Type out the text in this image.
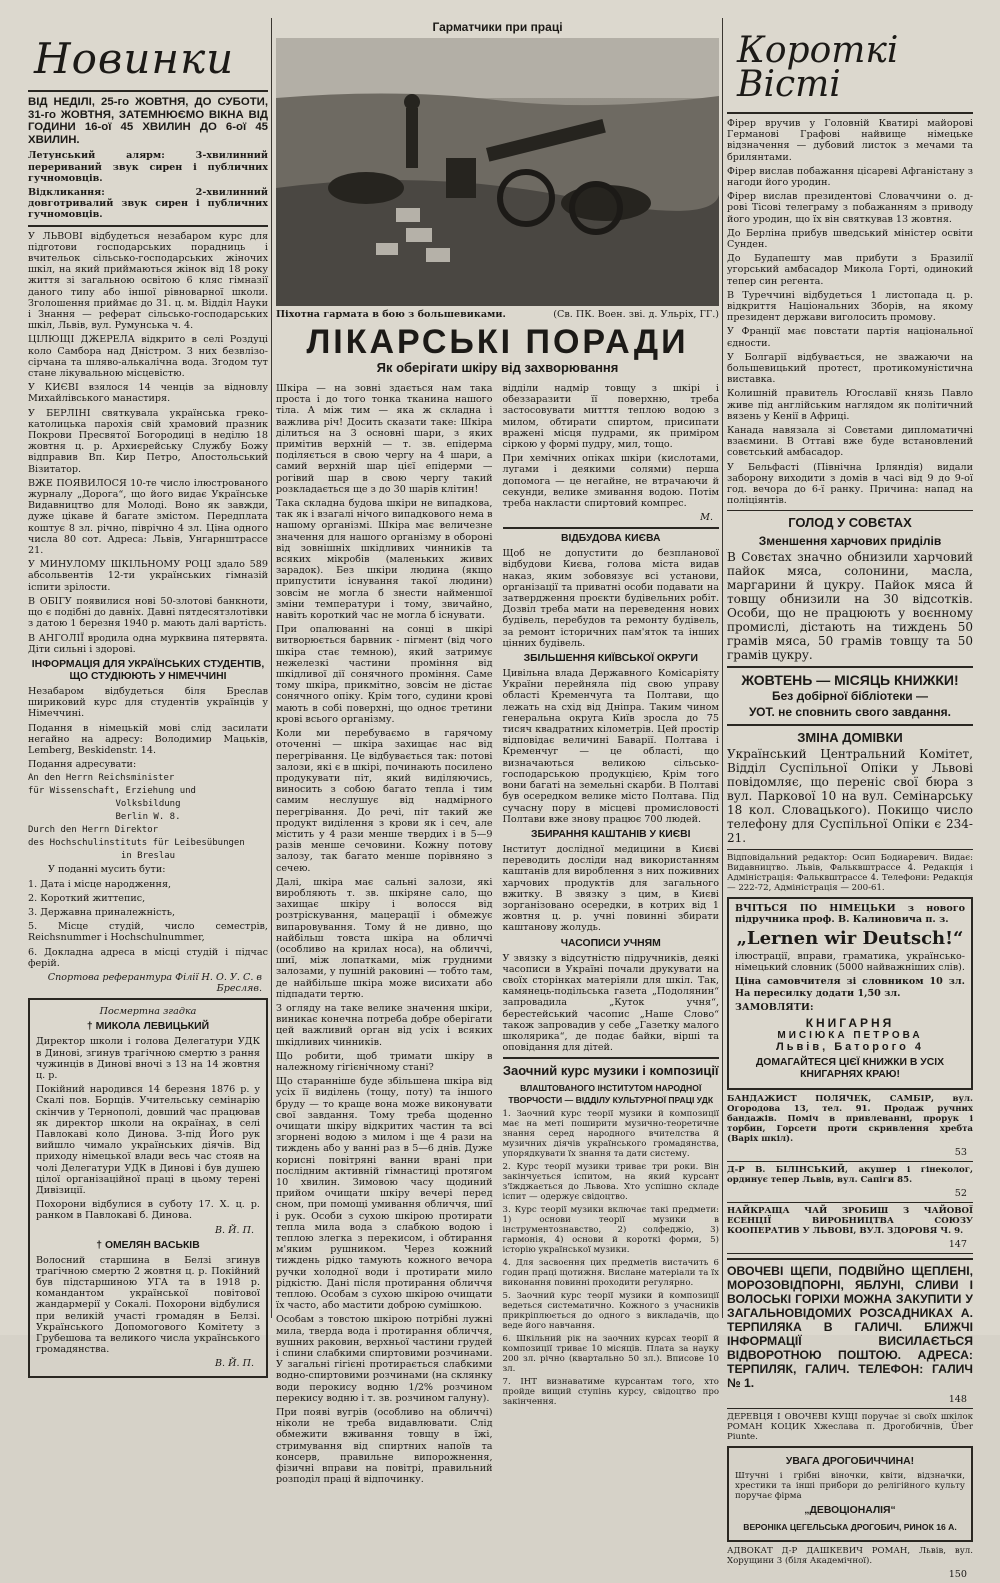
Новинки

ВІД НЕДІЛІ, 25-го ЖОВТНЯ, ДО СУБОТИ, 31-го ЖОВТНЯ, ЗАТЕМНЮЄМО ВІКНА ВІД ГОДИНИ 16-ої 45 ХВИЛИН ДО 6-ої 45 ХВИЛИН.

Летунський алярм: 3-хвилинний перериваний звук сирен і публичних гучномовців.

Відкликання: 2-хвилинний довготривалий звук сирен і публичних гучномовців.

У ЛЬВОВІ відбудеться незабаром курс для підготови господарських порадниць і вчительок сільсько-господарських жіночих шкіл, на який приймаються жінок від 18 року життя зі загальною освітою 6 кляс гімназії даного типу або іншої рівноварної школи. Зголошення приймає до 31. ц. м. Відділ Науки і Знання — реферат сільсько-господарських шкіл, Львів, вул. Румунська ч. 4.

ЦІЛЮЩІ ДЖЕРЕЛА відкрито в селі Роздуці коло Самбора над Дністром. З них безвлізо-сірчана та шляво-алькалічна вода. Згодом тут стане лікувальною місцевістю.

У КИЄВІ взялося 14 ченців за відновлу Михайлівського манастиря.

У БЕРЛІНІ святкувала українська греко-католицька парохія свій храмовий празник Покрови Пресвятої Богородиці в неділю 18 жовтня ц. р. Архиєрейську Службу Божу відправив Вп. Кир Петро, Апостольський Візитатор.

ВЖЕ ПОЯВИЛОСЯ 10-те число ілюстрованого журналу „Дорога“, що його видає Українське Видавництво для Молоді. Воно як завжди, дуже цікаве й багате змістом. Передплата коштує 8 зл. річно, піврічно 4 зл. Ціна одного числа 80 сот. Адреса: Львів, Унгарнштрассе 21.

У МИНУЛОМУ ШКІЛЬНОМУ РОЦІ здало 589 абсольвентів 12-ти українських гімназій іспити зрілости.

В ОБІГУ появилися нові 50-злотові банкноти, що є подібні до давніх. Давні пятдесятзлотівки з датою 1 березня 1940 р. мають далі вартість.

В АНГОЛІЇ вродила одна мурквина пятервята. Діти сильні і здорові.

ІНФОРМАЦІЯ ДЛЯ УКРАЇНСЬКИХ СТУДЕНТІВ, ЩО СТУДІЮЮТЬ У НІМЕЧЧИНІ

Незабаром відбудеться біля Бреслав шириковий курс для студентів українців у Німеччині.

Подання в німецькій мові слід засилати негайно на адресу: Володимир Мацьків, Lemberg, Beskidenstr. 14.

Подання адресувати:

An den Herrn Reichsminister
für Wissenschaft, Erziehung und
Volksbildung
Berlin W. 8.
Durch den Herrn Direktor
des Hochschulinstituts für Leibesübungen
in Breslau

У поданні мусить бути:

1. Дата і місце народження,

2. Короткий життепис,

3. Державна приналежність,

5. Місце студій, число семестрів, Reichsnummer і Hochschulnummer,

6. Докладна адреса в місці студій і підчас ферій.

Спортова реферантура Філії Н. О. У. С. в Бресляв.

Посмертна згадка
† МИКОЛА ЛЕВИЦЬКИЙ

Директор школи і голова Делегатури УДК в Динові, згинув трагічною смертю з рання чужинців в Динові вночі з 13 на 14 жовтня ц. р.

Покійний народився 14 березня 1876 р. у Скалі пов. Борщів. Учительську семінарію скінчив у Тернополі, довший час працював як директор школи на окраїнах, в селі Павлокаві коло Динова. З-під Його рук вийшло чимало українських діячів. Від приходу німецької влади весь час стояв на чолі Делегатури УДК в Динові і був душею цілої організаційної праці в цьому терені Дивізиції.

Похорони відбулися в суботу 17. X. ц. р. ранком в Павлокаві б. Динова.

В. Й. П.
† ОМЕЛЯН ВАСЬКІВ

Волосний старшина в Белзі згинув трагічною смертю 2 жовтня ц. р. Покійний був підстаршиною УГА та в 1918 р. командантом української повітової жандармерії у Сокалі. Похорони відбулися при великій участі громадян в Белзі. Українського Допомогового Комітету з Грубешова та великого числа українського громадянства.

В. Й. П.
Гарматчики при праці
Піхотна гармата в бою з большевиками.	(Св. ПК. Воен. зві. д. Ульріх, ГГ.)
ЛІКАРСЬКІ ПОРАДИ
Як оберігати шкіру від захворювання

Шкіра — на зовні здається нам така проста і до того тонка тканина нашого тіла. А між тим — яка ж складна і важлива річ! Досить сказати таке: Шкіра ділиться на 3 основні шари, з яких примітив верхній — т. зв. епідерма поділяється в свою чергу на 4 шари, а самий верхній шар цієї епідерми — рогівий шар в свою чергу такий розкладається ще з до 30 шарів клітин!

Така складна будова шкіри не випадкова, так як і взагалі нічого випадкового нема в нашому організмі. Шкіра має величезне значення для нашого організму в обороні від зовнішніх шкідливих чинників та всяких мікробів (маленьких живих зарадок). Без шкіри людина (якщо припустити існування такої людини) зовсім не могла б знести найменшої зміни температури і тому, звичайно, навіть короткий час не могла б існувати.

При опалюванні на сонці в шкірі витворюється барвник - пігмент (від чого шкіра стає темною), який затримує нежелезкі частини проміння від шкідливої дії сонячного проміння. Саме тому шкіра, прикмітно, зовсім не дістає сонячного опіку. Крім того, судини крові мають в собі поверхні, що одноє третини крові всього організму.

Коли ми перебуваємо в гарячому оточенні — шкіра захищає нас від перегрівання. Це відбувається так: потові залози, які є в шкірі, починають посилено продукувати піт, який виділяючись, виносить з собою багато тепла і тим самим неслушує від надмірного перегрівання. До речі, піт такий же продукт виділення з крови як і сеч, але містить у 4 рази менше твердих і в 5—9 разів менше сечовини. Кожну потову залозу, так багато менше порівняно з сечею.

Далі, шкіра має сальні залози, які виробляють т. зв. шкіряне сало, що захищає шкіру і волосся від розтріскування, мацерації і обмежує випаровування. Тому й не дивно, що найбільш товста шкіра на обличчі (особливо на крилах носа), на обличчі, шиї, між лопатками, між грудними залозами, у пушній раковині — тобто там, де найбільше шкіра може висихати або підпадати тертю.

З огляду на таке велике значення шкіри, виникає конечна потреба добре оберігати цей важливий орган від усіх і всяких шкідливих чинників.

Що робити, щоб тримати шкіру в належному гігієнічному стані?

Що старанніше буде збільшена шкіра від усіх її виділень (тощу, поту) та іншого бруду — то краще вона може виконувати свої завдання. Тому треба щоденно очищати шкіру відкритих частин та всі згорнені водою з милом і ще 4 рази на тиждень або у ванні раз в 5—6 днів. Дуже корисні повітряні ванни врані при послідним активній гімнастиці протягом 10 хвилин. Зимовою часу щодиний прийом очищати шкіру вечері перед сном, при помощі умивання обличчя, шиї і рук. Особи з сухою шкірою протирати тепла мила вода з слабкою водою і теплою злегка з перекисом, і обтирання м'яким рушником. Через кожний тиждень рідко тамують кожного вечора ручки холодної води і протирати мило рідкістю. Дані після протирання обличчя теплою. Особам з сухою шкірою очищати їх часто, або мастити доброю сумішкою.

Особам з товстою шкірою потрібні лужні мила, тверда вода і протирання обличчя, вушних раковин, верхньої частини грудей і спини слабкими спиртовими розчинами. У загальні гігієні протирається слабкими водно-спиртовими розчинами (на склянку води перокису водню 1/2% розчином перекису водню і т. зв. розчином галуну).

При появі вугрів (особливо на обличчі) ніколи не треба видавлювати. Слід обмежити вживання товщу в їжі, стримування від спиртних напоїв та консерв, правильне випорожнення, фізичні вправи на повітрі, правильний розподіл праці й відпочинку.

відділи надмір товщу з шкірі і обеззаразити її поверхню, треба застосовувати митття теплою водою з милом, обтирати спиртом, присипати вражені місця пудрами, як приміром сіркою у формі пудру, мил, тощо.

При хемічних опіках шкіри (кислотами, лугами і деякими солями) перша допомога — це негайне, не втрачаючи й секунди, велике змивання водою. Потім треба накласти спиртовий компрес.

М.
ВІДБУДОВА КИЄВА

Щоб не допустити до безпланової відбудови Києва, голова міста видав наказ, яким зобовязує всі установи, організації та приватні особи подавати на затвердження проєкти будівельних робіт. Дозвіл треба мати на переведення нових будівель, перебудов та ремонту будівель, за ремонт історичних пам'яток та інших цінних будівель.

ЗБІЛЬШЕННЯ КИЇВСЬКОЇ ОКРУГИ

Цивільна влада Державного Комісаріяту України перейняла під свою управу області Кременчуга та Полтави, що лежать на схід від Дніпра. Таким чином генеральна округа Київ зросла до 75 тисяч квадратних кілометрів. Цей простір відповідає величині Баварії. Полтава і Кременчуг — це області, що визначаються великою сільсько-господарською продукцією, Крім того вони багаті на земельні скарби. В Полтаві був осередком велике місто Полтава. Під сучасну пору в місцеві промисловості Полтави вже знову працює 700 людей.

ЗБИРАННЯ КАШТАНІВ У КИЄВІ

Інститут дослідної медицини в Києві переводить досліди над використанням каштанів для вироблення з них поживних харчових продуктів для загального вжитку. В звязку з цим, в Києві зорганізовано осередки, в котрих від 1 жовтня ц. р. учні повинні збирати каштанову жолудь.

ЧАСОПИСИ УЧНЯМ

У звязку з відсутністю підручників, деякі часописи в Україні почали друкувати на своїх сторінках матеріяли для шкіл. Так, камянець-подільська газета „Подолянин“ запровадила „Куток учня“, берестейський часопис „Наше Слово“ також запровадив у себе „Газетку малого школярика“, де подає байки, вірші та оповідання для дітей.

Заочний курс музики і композиції
ВЛАШТОВАНОГО ІНСТИТУТОМ НАРОДНОЇ ТВОРЧОСТИ — ВІДДІЛУ КУЛЬТУРНОЇ ПРАЦІ УДК

1. Заочний курс теорії музики й композиції має на меті поширити музично-теоретичне знання серед народного вчителства й музичних діячів українського громадянства, упорядкувати їх знання та дати систему.

2. Курс теорії музики триває три роки. Він закінчується іспитом, на який курсант з'їжджається до Львова. Хто успішно складе іспит — одержує свідоцтво.

3. Курс теорії музики включає такі предмети: 1) основи теорії музики в інструментознавство, 2) солфеджіо, 3) гармонія, 4) основи й короткі форми, 5) історію української музики.

4. Для засвоєння цих предметів вистачить 6 годин праці щотижня. Вислане матеріали та їх виконання повинні проходити регулярно.

5. Заочний курс теорії музики й композиції ведеться систематично. Кожного з учасників прикріплюється до одного з викладачів, що веде його навчання.

6. Шкільний рік на заочних курсах теорії й композиції триває 10 місяців. Плата за науку 200 зл. річно (квартально 50 зл.). Вписове 10 зл.

7. ІНТ визнаватиме курсантам того, хто пройде вищий ступінь курсу, свідоцтво про закінчення.

Короткі Вісті

Фірер вручив у Головній Кватирі майорові Германові Графові найвище німецьке відзначення — дубовий листок з мечами та брилянтами.

Фірер вислав побажання цісареві Афганістану з нагоди його уродин.

Фірер вислав президентові Словаччини о. д-рові Тісові телеграму з побажанням з приводу його уродин, що їх він святкував 13 жовтня.

До Берліна прибув шведський міністер освіти Сунден.

До Будапешту мав прибути з Бразилії угорський амбасадор Микола Горті, одинокий тепер син регента.

В Туреччині відбудеться 1 листопада ц. р. відкриття Національних Зборів, на якому президент держави виголосить промову.

У Франції має повстати партія національної єдности.

У Болгарії відбувається, не зважаючи на большевицький протест, протикомуністична виставка.

Колишній правитель Югославії князь Павло живе під англійським наглядом як політичний вязень у Кенії в Африці.

Канада навязала зі Совєтами дипломатичні взаємини. В Оттаві вже буде встановлений совєтський амбасадор.

У Бельфасті (Північна Ірляндія) видали заборону виходити з домів в часі від 9 до 9-ої год. вечора до 6-ї ранку. Причина: напад на поліціянтів.

ГОЛОД У СОВЄТАХ
Зменшення харчових приділів

В Совєтах значно обнизили харчовий пайок мяса, солонини, масла, маргарини й цукру. Пайок мяса й товщу обнизили на 30 відсотків. Особи, що не працюють у воєнному промислі, дістають на тиждень 50 грамів мяса, 50 грамів товщу та 50 грамів цукру.

ЖОВТЕНЬ — МІСЯЦЬ КНИЖКИ!
Без добірної бібліотеки —
УОТ. не сповнить свого завдання.
ЗМІНА ДОМІВКИ

Український Центральний Комітет, Відділ Суспільної Опіки у Львові повідомляє, що переніс свої бюра з вул. Паркової 10 на вул. Семінарську 18 кол. Словацького). Покищо число телефону для Суспільної Опіки є 234-21.

Відповідальний редактор: Осип Бодиаревич. Видає: Видавництво. Львів, Фальквштрассе 4. Редакція і Адміністрація: Фальквштрассе 4. Телефони: Редакція — 222-72, Адміністрація — 200-61.

ВЧІТЬСЯ ПО НІМЕЦЬКИ з нового підручника проф. В. Калиновича п. з.

„Lernen wir Deutsch!“

ілюстрації, вправи, граматика, українсько-німецький словник (5000 найважніших слів).

Ціна самовчителя зі словником 10 зл. На пересилку додати 1,50 зл.

ЗАМОВЛЯТИ:

КНИГАРНЯ
МИСІЮКА ПЕТРОВА
Львів, Баторого 4
ДОМАГАЙТЕСЯ ЦІЄЇ КНИЖКИ В УСІХ КНИГАРНЯХ КРАЮ!

БАНДАЖИСТ ПОЛЯЧЕК, САМБІР, вул. Огородова 13, тел. 91. Продаж ручних бандажів. Поміч в привлеванні, прорук і торбин, Горсети проти скривлення хребта (Варіх шкіл).

53

Д-Р В. БІЛІНСЬКИЙ, акушер і гінеколог, ординує тепер Львів, вул. Сапіги 85.

52

НАЙКРАЩА ЧАЙ ЗРОБИШ З ЧАЙОВОЇ ЕСЕНЦІЇ ВИРОБНИЦТВА СОЮЗУ КООПЕРАТИВ У ЛЬВОВІ, ВУЛ. ЗДОРОВЯ Ч. 9.

147

ОВОЧЕВІ ЩЕПИ, ПОДВІЙНО ЩЕПЛЕНІ, МОРОЗОВІДПОРНІ, ЯБЛУНІ, СЛИВИ І ВОЛОСЬКІ ГОРІХИ МОЖНА ЗАКУПИТИ У ЗАГАЛЬНОВІДОМИХ РОЗСАДНИКАХ А. ТЕРПИЛЯКА В ГАЛИЧІ. БЛИЖЧІ ІНФОРМАЦІЇ ВИСИЛАЄТЬСЯ ВІДВОРОТНОЮ ПОШТОЮ. АДРЕСА: ТЕРПИЛЯК, ГАЛИЧ. ТЕЛЕФОН: ГАЛИЧ № 1.

148

ДЕРЕВЦЯ І ОВОЧЕВІ КУЩІ поручає зі своїх шкілок РОМАН КОЦИК Хжеслава п. Дрогобичнів, Über Piunte.

УВАГА ДРОГОБИЧЧИНА!

Штучні і грібні віночки, квіти, відзначки, хрестики та інші прибори до релігійного культу поручає фірма

„ДЕВОЦІОНАЛІЯ“
ВЕРОНІКА ЦЕГЕЛЬСЬКА ДРОГОБИЧ, РИНОК 16 А.

АДВОКАТ Д-Р ДАШКЕВИЧ РОМАН, Львів, вул. Хорущини 3 (біля Академічної).

150
